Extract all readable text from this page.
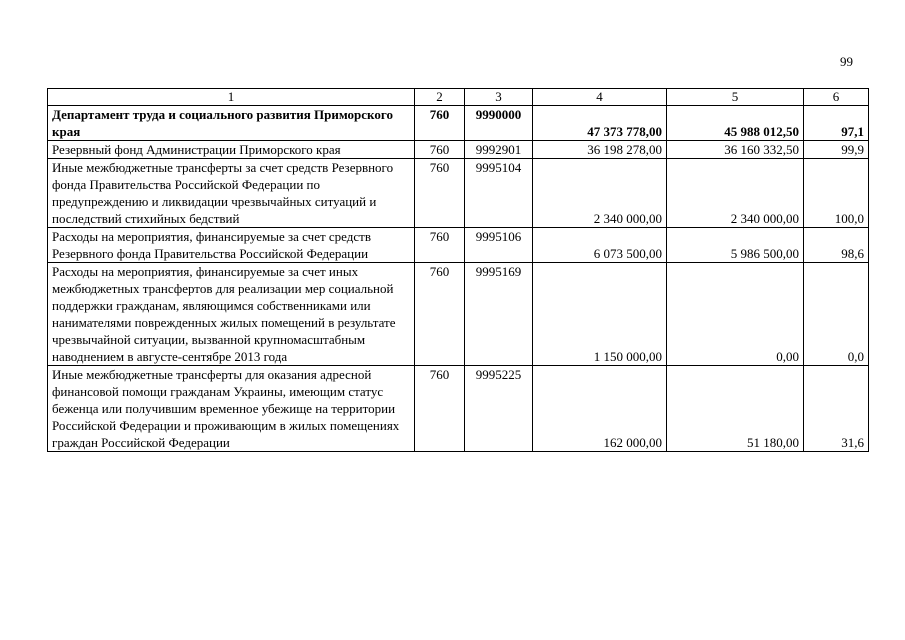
99
1	2	3	4	5	6
Департамент труда и социального развития Приморского края	760	9990000	47 373 778,00	45 988 012,50	97,1
Резервный фонд Администрации Приморского края	760	9992901	36 198 278,00	36 160 332,50	99,9
Иные межбюджетные трансферты за счет средств Резервного фонда Правительства Российской Федерации по предупреждению и ликвидации чрезвычайных ситуаций и последствий стихийных бедствий	760	9995104	2 340 000,00	2 340 000,00	100,0
Расходы на мероприятия, финансируемые за счет средств Резервного фонда Правительства Российской Федерации	760	9995106	6 073 500,00	5 986 500,00	98,6
Расходы на мероприятия, финансируемые за счет иных межбюджетных трансфертов для реализации мер социальной поддержки гражданам, являющимся собственниками или нанимателями поврежденных жилых помещений в результате чрезвычайной ситуации, вызванной крупномасштабным наводнением в августе-сентябре 2013 года	760	9995169	1 150 000,00	0,00	0,0
Иные межбюджетные трансферты для оказания адресной финансовой помощи гражданам Украины, имеющим статус беженца или получившим временное убежище на территории Российской Федерации и проживающим в жилых помещениях граждан Российской Федерации	760	9995225	162 000,00	51 180,00	31,6
